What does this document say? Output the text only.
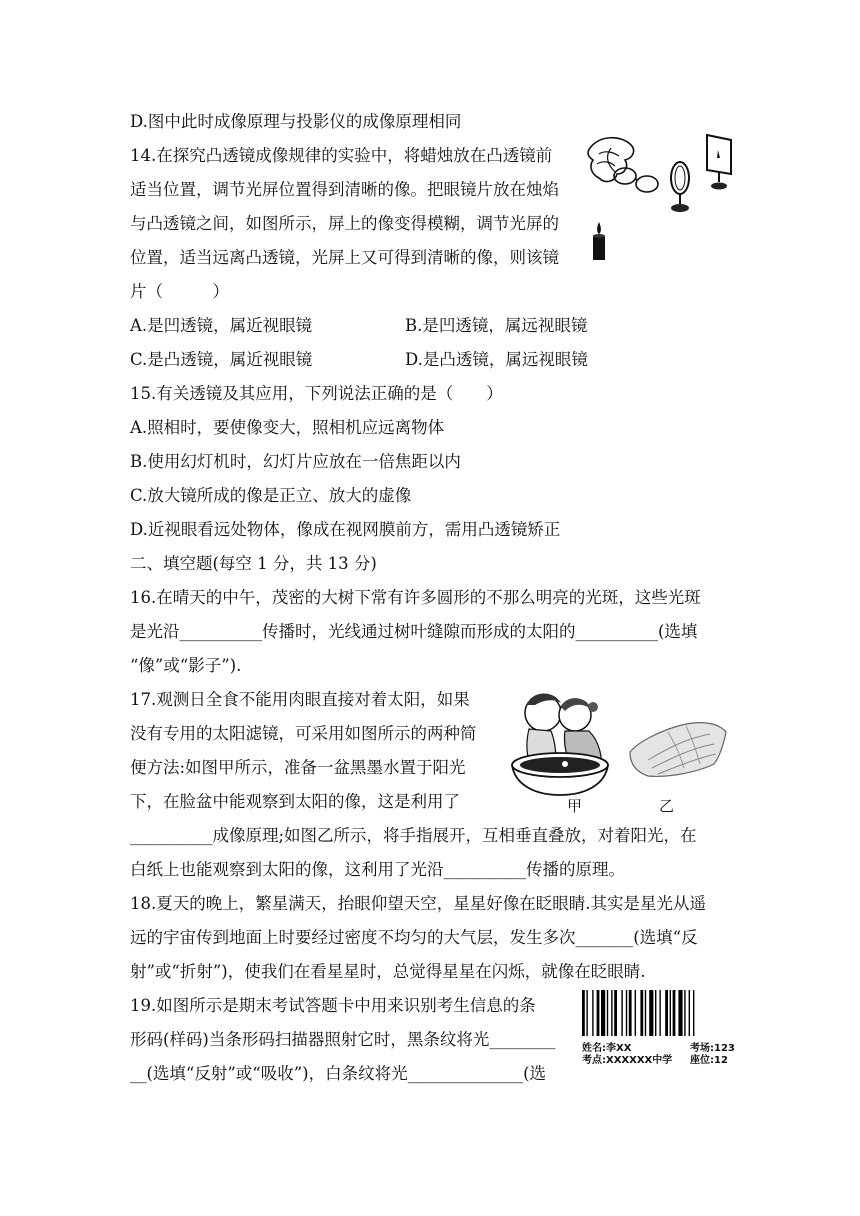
D.图中此时成像原理与投影仪的成像原理相同
14.在探究凸透镜成像规律的实验中，将蜡烛放在凸透镜前
适当位置，调节光屏位置得到清晰的像。把眼镜片放在烛焰
与凸透镜之间，如图所示，屏上的像变得模糊，调节光屏的
位置，适当远离凸透镜，光屏上又可得到清晰的像，则该镜
片（　　　）
A.是凹透镜，属近视眼镜	B.是凹透镜，属远视眼镜
C.是凸透镜，属近视眼镜	D.是凸透镜，属远视眼镜
15.有关透镜及其应用，下列说法正确的是（　　）
A.照相时，要使像变大，照相机应远离物体
B.使用幻灯机时，幻灯片应放在一倍焦距以内
C.放大镜所成的像是正立、放大的虚像
D.近视眼看远处物体，像成在视网膜前方，需用凸透镜矫正
二、填空题(每空 1 分，共 13 分)
16.在晴天的中午，茂密的大树下常有许多圆形的不那么明亮的光斑，这些光斑
是光沿__________传播时，光线通过树叶缝隙而形成的太阳的__________(选填
“像”或“影子”).
17.观测日全食不能用肉眼直接对着太阳，如果
没有专用的太阳滤镜，可采用如图所示的两种简
便方法:如图甲所示，准备一盆黑墨水置于阳光
下，在脸盆中能观察到太阳的像，这是利用了
__________成像原理;如图乙所示，将手指展开，互相垂直叠放，对着阳光，在
白纸上也能观察到太阳的像，这利用了光沿__________传播的原理。
18.夏天的晚上，繁星满天，抬眼仰望天空，星星好像在眨眼睛.其实是星光从遥
远的宇宙传到地面上时要经过密度不均匀的大气层，发生多次_______(选填“反
射”或“折射”)，使我们在看星星时，总觉得星星在闪烁，就像在眨眼睛.
19.如图所示是期末考试答题卡中用来识别考生信息的条
形码(样码)当条形码扫描器照射它时，黑条纹将光________
__(选填“反射”或“吸收”)，白条纹将光______________(选
甲	乙
姓名:李XX
考点:XXXXXX中学
考场:123
座位:12
